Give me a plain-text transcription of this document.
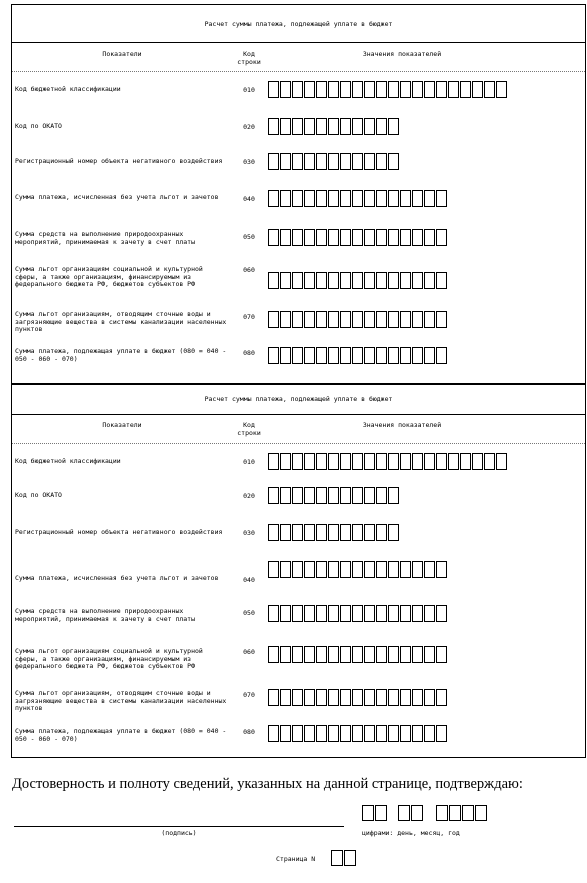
Расчет суммы платежа, подлежащей уплате в бюджет
Показатели	Код строки
Значения показателей
Код бюджетной классификации	010
Код по ОКАТО	020
Регистрационный номер объекта негативного воздействия	030
Сумма платежа, исчисленная без учета льгот и зачетов	040
Сумма средств на выполнение природоохранных мероприятий, принимаемая к зачету в счет платы
050
Сумма льгот организациям социальной и культурной сферы, а также организациям, финансируемым из федерального бюджета РФ, бюджетов субъектов РФ
060
Сумма льгот организациям, отводящим сточные воды и загрязняющие вещества в системы канализации населенных пунктов
070
Сумма платежа, подлежащая уплате в бюджет (080 = 040 - 050 - 060 - 070)
080
Расчет суммы платежа, подлежащей уплате в бюджет
Показатели	Код строки
Значения показателей
Код бюджетной классификации	010
Код по ОКАТО	020
Регистрационный номер объекта негативного воздействия	030
Сумма платежа, исчисленная без учета льгот и зачетов	040
Сумма средств на выполнение природоохранных мероприятий, принимаемая к зачету в счет платы
050
Сумма льгот организациям социальной и культурной сферы, а также организациям, финансируемым из федерального бюджета РФ, бюджетов субъектов РФ
060
Сумма льгот организациям, отводящим сточные воды и загрязняющие вещества в системы канализации населенных пунктов
070
Сумма платежа, подлежащая уплате в бюджет (080 = 040 - 050 - 060 - 070)
080
Достоверность и полноту сведений, указанных на данной странице, подтверждаю:
(подпись)	цифрами: день, месяц, год
Страница N
